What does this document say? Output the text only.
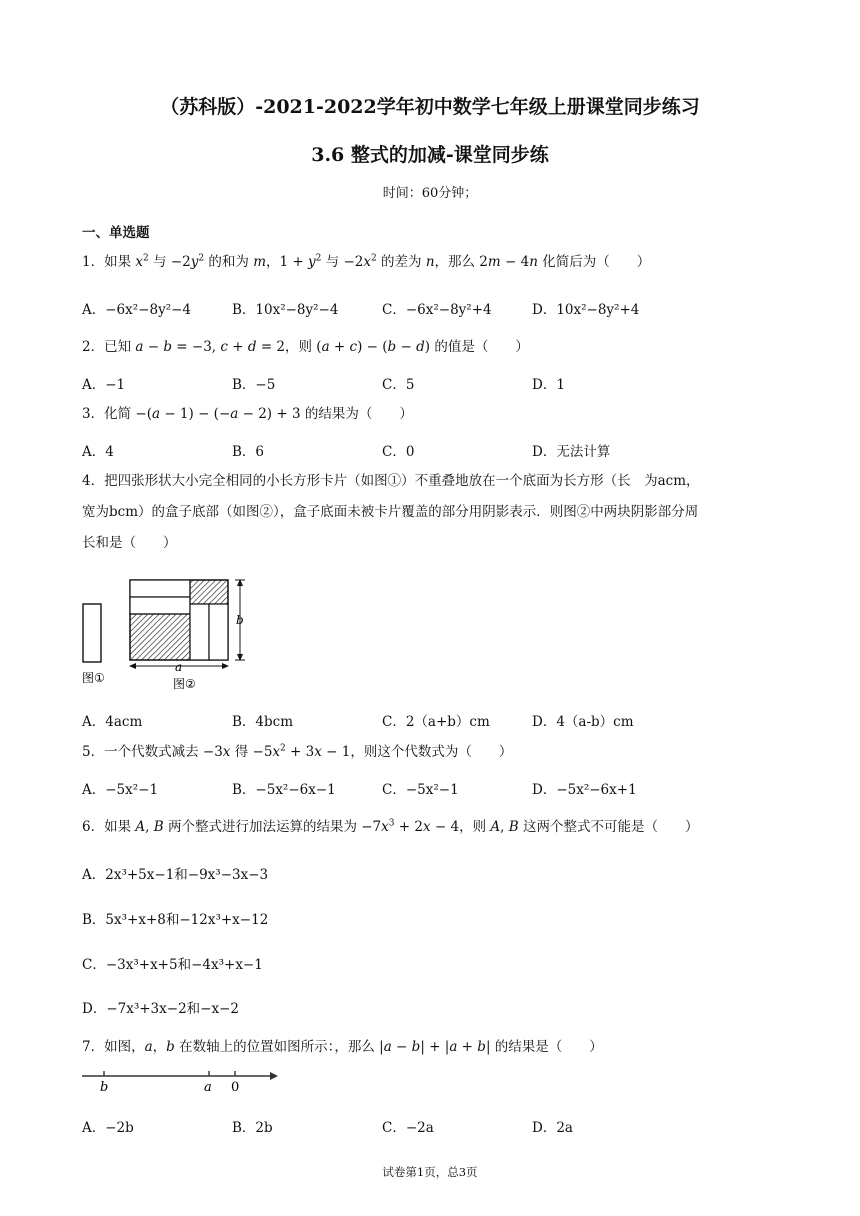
（苏科版）-2021-2022学年初中数学七年级上册课堂同步练习
3.6 整式的加减-课堂同步练
时间：60分钟；
一、单选题
1．如果 $x^2$ 与 $-2y^2$ 的和为 m，$1 + y^2$ 与 $-2x^2$ 的差为 n，那么 2m − 4n 化简后为（　　）
A．−6x²−8y²−4	B．10x²−8y²−4	C．−6x²−8y²+4	D．10x²−8y²+4
2．已知 a − b = −3, c + d = 2，则 (a + c) − (b − d) 的值是（　　）
A．−1	B．−5	C．5	D．1
3．化简 −(a − 1) − (−a − 2) + 3 的结果为（　　）
A．4	B．6	C．0	D．无法计算
4．把四张形状大小完全相同的小长方形卡片（如图①）不重叠地放在一个底面为长方形（长　为acm，
宽为bcm）的盒子底部（如图②），盒子底面未被卡片覆盖的部分用阴影表示．则图②中两块阴影部分周
长和是（　　）
b
a
图①	图②
A．4acm	B．4bcm	C．2（a+b）cm	D．4（a-b）cm
5．一个代数式减去 −3x 得 $-5x^2 + 3x - 1$，则这个代数式为（　　）
A．−5x²−1	B．−5x²−6x−1	C．−5x²−1	D．−5x²−6x+1
6．如果 A, B 两个整式进行加法运算的结果为 $-7x^3 + 2x - 4$，则 A, B 这两个整式不可能是（　　）
A．2x³+5x−1和−9x³−3x−3
B．5x³+x+8和−12x³+x−12
C．−3x³+x+5和−4x³+x−1
D．−7x³+3x−2和−x−2
7．如图，a，b 在数轴上的位置如图所示：，那么 |a − b| + |a + b| 的结果是（　　）
b	a 0
A．−2b	B．2b	C．−2a	D．2a
试卷第1页，总3页
